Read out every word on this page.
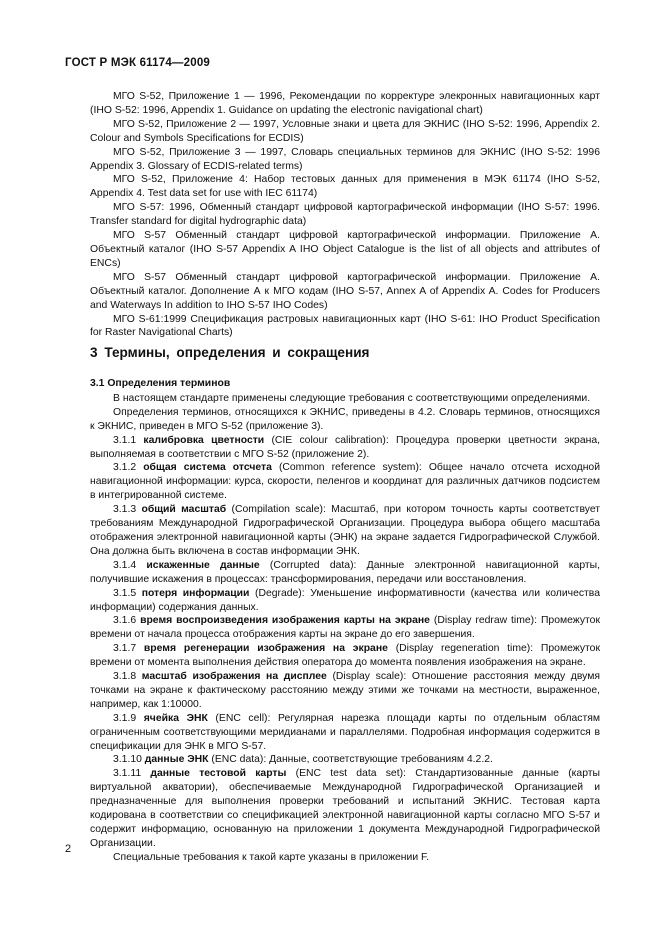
ГОСТ Р МЭК 61174—2009

МГО S-52, Приложение 1 — 1996, Рекомендации по корректуре элекронных навигационных карт (IHO S-52: 1996, Appendix 1. Guidance on updating the electronic navigational chart)

МГО S-52, Приложение 2 — 1997, Условные знаки и цвета для ЭКНИС (IHO S-52: 1996, Appendix 2. Colour and Symbols Specifications for ECDIS)

МГО S-52, Приложение 3 — 1997, Словарь специальных терминов для ЭКНИС (IHO S-52: 1996 Appendix 3. Glossary of ECDIS-related terms)

МГО S-52, Приложение 4: Набор тестовых данных для применения в МЭК 61174 (IHO S-52, Appendix 4. Test data set for use with IEC 61174)

МГО S-57: 1996, Обменный стандарт цифровой картографической информации (IHO S-57: 1996. Transfer standard for digital hydrographic data)

МГО S-57 Обменный стандарт цифровой картографической информации. Приложение А. Объектный каталог (IHO S-57 Appendix A IHO Object Catalogue is the list of all objects and attributes of ENCs)

МГО S-57 Обменный стандарт цифровой картографической информации. Приложение А. Объектный каталог. Дополнение А к МГО кодам (IHO S-57, Annex A of Appendix A. Codes for Producers and Waterways In addition to IHO S-57 IHO Codes)

МГО S-61:1999 Спецификация растровых навигационных карт (IHO S-61: IHO Product Specification for Raster Navigational Charts)

3 Термины, определения и сокращения

3.1 Определения терминов

В настоящем стандарте применены следующие требования с соответствующими определениями.

Определения терминов, относящихся к ЭКНИС, приведены в 4.2. Словарь терминов, относящихся к ЭКНИС, приведен в МГО S-52 (приложение 3).

3.1.1 калибровка цветности (CIE colour calibration): Процедура проверки цветности экрана, выполняемая в соответствии с МГО S-52 (приложение 2).

3.1.2 общая система отсчета (Common reference system): Общее начало отсчета исходной навигационной информации: курса, скорости, пеленгов и координат для различных датчиков подсистем в интегрированной системе.

3.1.3 общий масштаб (Compilation scale): Масштаб, при котором точность карты соответствует требованиям Международной Гидрографической Организации. Процедура выбора общего масштаба отображения электронной навигационной карты (ЭНК) на экране задается Гидрографической Службой. Она должна быть включена в состав информации ЭНК.

3.1.4 искаженные данные (Corrupted data): Данные электронной навигационной карты, получившие искажения в процессах: трансформирования, передачи или восстановления.

3.1.5 потеря информации (Degrade): Уменьшение информативности (качества или количества информации) содержания данных.

3.1.6 время воспроизведения изображения карты на экране (Display redraw time): Промежуток времени от начала процесса отображения карты на экране до его завершения.

3.1.7 время регенерации изображения на экране (Display regeneration time): Промежуток времени от момента выполнения действия оператора до момента появления изображения на экране.

3.1.8 масштаб изображения на дисплее (Display scale): Отношение расстояния между двумя точками на экране к фактическому расстоянию между этими же точками на местности, выраженное, например, как 1:10000.

3.1.9 ячейка ЭНК (ENC cell): Регулярная нарезка площади карты по отдельным областям ограниченным соответствующими меридианами и параллелями. Подробная информация содержится в спецификации для ЭНК в МГО S-57.

3.1.10 данные ЭНК (ENC data): Данные, соответствующие требованиям 4.2.2.

3.1.11 данные тестовой карты (ENC test data set): Стандартизованные данные (карты виртуальной акватории), обеспечиваемые Международной Гидрографической Организацией и предназначенные для выполнения проверки требований и испытаний ЭКНИС. Тестовая карта кодирована в соответствии со спецификацией электронной навигационной карты согласно МГО S-57 и содержит информацию, основанную на приложении 1 документа Международной Гидрографической Организации.

Специальные требования к такой карте указаны в приложении F.

2
